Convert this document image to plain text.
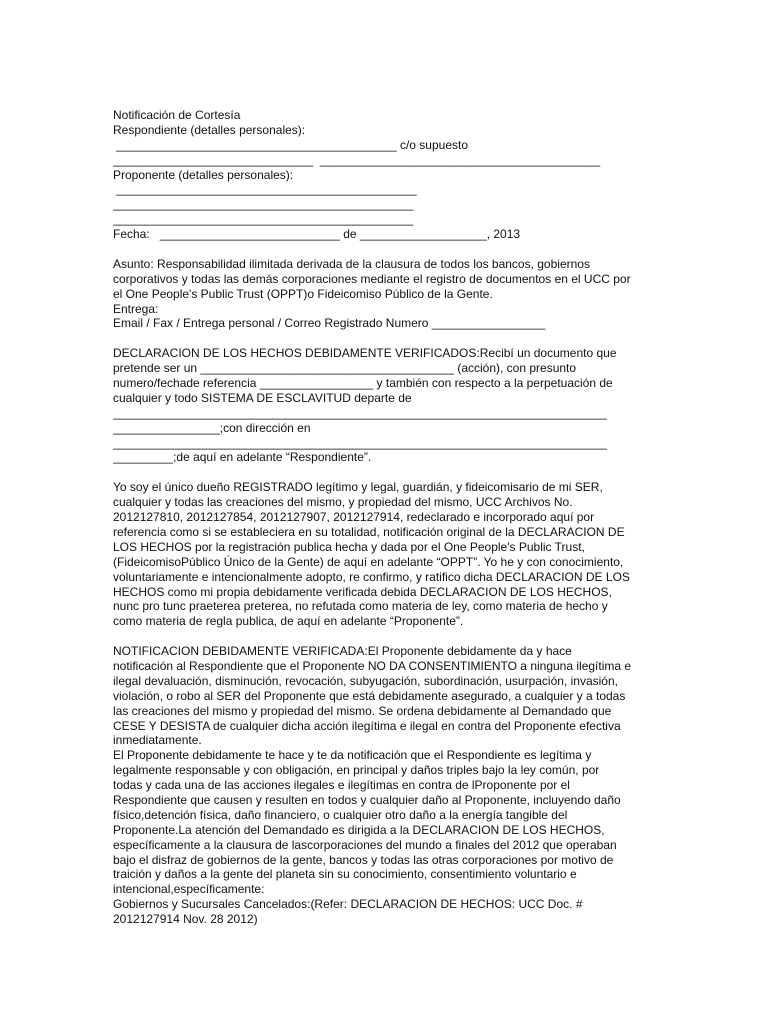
Notificación de Cortesía
Respondiente (detalles personales):
__________________________________________ c/o supuesto
______________________________  __________________________________________
Proponente (detalles personales):
_____________________________________________
_____________________________________________
_____________________________________________
Fecha:   ___________________________ de ___________________, 2013
Asunto: Responsabilidad ilimitada derivada de la clausura de todos los bancos, gobiernos
corporativos y todas las demás corporaciones mediante el registro de documentos en el UCC por
el One People's Public Trust (OPPT)o Fideicomiso Público de la Gente.
Entrega:
Email / Fax / Entrega personal / Correo Registrado Numero _________________
DECLARACION DE LOS HECHOS DEBIDAMENTE VERIFICADOS:Recibí un documento que
pretende ser un ______________________________________ (acción), con presunto
numero/fechade referencia _________________ y también con respecto a la perpetuación de
cualquier y todo SISTEMA DE ESCLAVITUD departe de
__________________________________________________________________________
________________;con dirección en
__________________________________________________________________________
_________;de aquí en adelante “Respondiente”.
Yo soy el único dueño REGISTRADO legítimo y legal, guardián, y fideicomisario de mi SER,
cualquier y todas las creaciones del mismo, y propiedad del mismo, UCC Archivos No.
2012127810, 2012127854, 2012127907, 2012127914, redeclarado e incorporado aquí por
referencia como si se estableciera en su totalidad, notificación original de la DECLARACION DE
LOS HECHOS por la registración publica hecha y dada por el One People's Public Trust,
(FideicomisoPúblico Único de la Gente) de aquí en adelante “OPPT”. Yo he y con conocimiento,
voluntariamente e intencionalmente adopto, re confirmo, y ratifico dicha DECLARACION DE LOS
HECHOS como mi propia debidamente verificada debida DECLARACION DE LOS HECHOS,
nunc pro tunc praeterea preterea, no refutada como materia de ley, como materia de hecho y
como materia de regla publica, de aquí en adelante “Proponente”.
NOTIFICACION DEBIDAMENTE VERIFICADA:El Proponente debidamente da y hace
notificación al Respondiente que el Proponente NO DA CONSENTIMIENTO a ninguna ilegítima e
ilegal devaluación, disminución, revocación, subyugación, subordinación, usurpación, invasión,
violación, o robo al SER del Proponente que está debidamente asegurado, a cualquier y a todas
las creaciones del mismo y propiedad del mismo. Se ordena debidamente al Demandado que
CESE Y DESISTA de cualquier dicha acción ilegítima e ilegal en contra del Proponente efectiva
inmediatamente.
El Proponente debidamente te hace y te da notificación que el Respondiente es legítima y
legalmente responsable y con obligación, en principal y daños triples bajo la ley común, por
todas y cada una de las acciones ilegales e ilegítimas en contra de lProponente por el
Respondiente que causen y resulten en todos y cualquier daño al Proponente, incluyendo daño
físico,detención física, daño financiero, o cualquier otro daño a la energía tangible del
Proponente.La atención del Demandado es dirigida a la DECLARACION DE LOS HECHOS,
específicamente a la clausura de lascorporaciones del mundo a finales del 2012 que operaban
bajo el disfraz de gobiernos de la gente, bancos y todas las otras corporaciones por motivo de
traición y daños a la gente del planeta sin su conocimiento, consentimiento voluntario e
intencional,específicamente:
Gobiernos y Sucursales Cancelados:(Refer: DECLARACION DE HECHOS: UCC Doc. #
2012127914 Nov. 28 2012)
